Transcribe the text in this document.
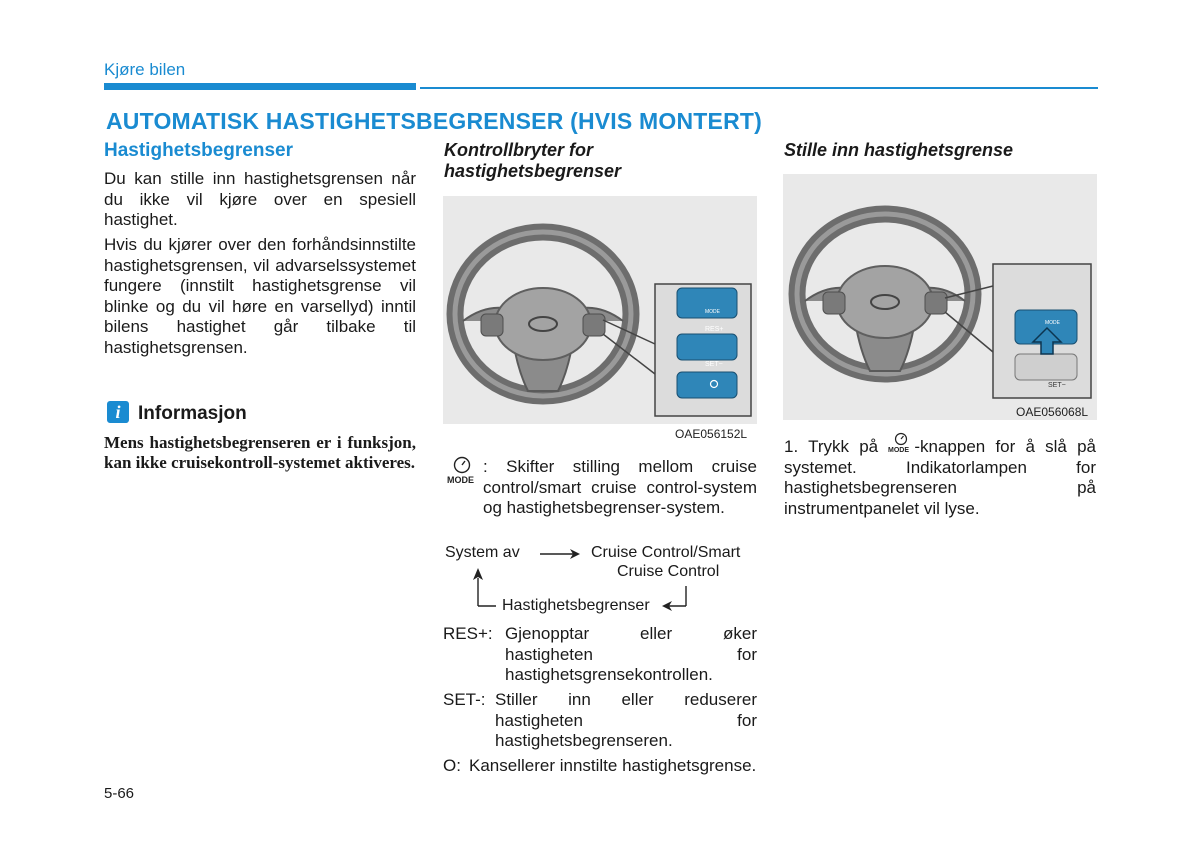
Kjøre bilen
AUTOMATISK HASTIGHETSBEGRENSER (HVIS MONTERT)
Hastighetsbegrenser
Du kan stille inn hastighetsgrensen når du ikke vil kjøre over en spesiell hastighet.
Hvis du kjører over den forhåndsinnstilte hastighetsgrensen, vil advarselssystemet fungere (innstilt hastighetsgrense vil blinke og du vil høre en varsellyd) inntil bilens hastighet går tilbake til hastighetsgrensen.
i Informasjon
Mens hastighetsbegrenseren er i funksjon, kan ikke cruisekontroll-systemet aktiveres.
Kontrollbryter for
hastighetsbegrenser
RES+
SET−
MODE
OAE056152L
MODE
: Skifter stilling mellom cruise control/smart cruise control-system og hastighetsbegrenser-system.
System av	Cruise Control/Smart
Cruise Control
Hastighetsbegrenser
RES+: Gjenopptar eller øker hastigheten for hastighetsgrensekontrollen.
SET-: Stiller inn eller reduserer hastigheten for hastighetsbegrenseren.
O: Kansellerer innstilte hastighetsgrense.
Stille inn hastighetsgrense
SET−
MODE
OAE056068L
1. Trykk på MODE -knappen for å slå på systemet. Indikatorlampen for hastighetsbegrenseren på instrumentpanelet vil lyse.
5-66
